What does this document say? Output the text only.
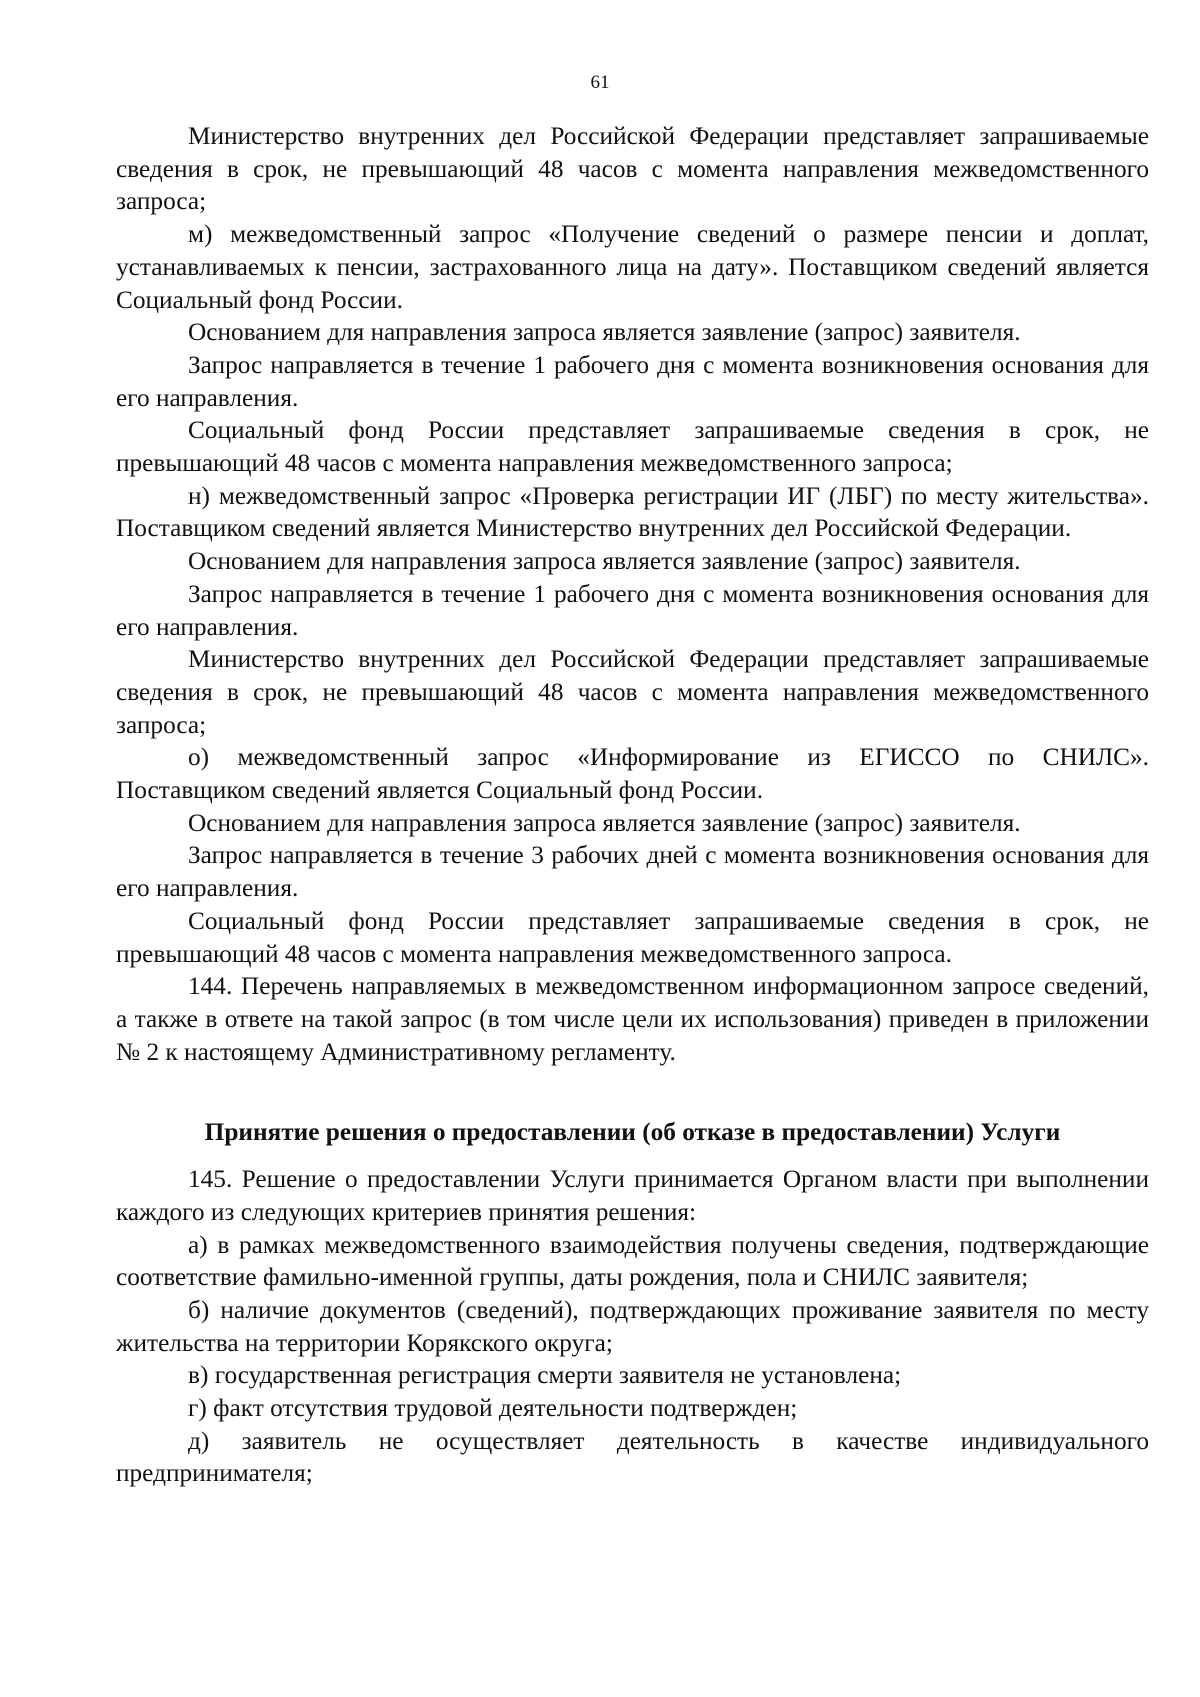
61

Министерство внутренних дел Российской Федерации представляет запрашиваемые сведения в срок, не превышающий 48 часов с момента направления межведомственного запроса;

м) межведомственный запрос «Получение сведений о размере пенсии и доплат, устанавливаемых к пенсии, застрахованного лица на дату». Поставщиком сведений является Социальный фонд России.

Основанием для направления запроса является заявление (запрос) заявителя.

Запрос направляется в течение 1 рабочего дня с момента возникновения основания для его направления.

Социальный фонд России представляет запрашиваемые сведения в срок, не превышающий 48 часов с момента направления межведомственного запроса;

н) межведомственный запрос «Проверка регистрации ИГ (ЛБГ) по месту жительства». Поставщиком сведений является Министерство внутренних дел Российской Федерации.

Основанием для направления запроса является заявление (запрос) заявителя.

Запрос направляется в течение 1 рабочего дня с момента возникновения основания для его направления.

Министерство внутренних дел Российской Федерации представляет запрашиваемые сведения в срок, не превышающий 48 часов с момента направления межведомственного запроса;

о) межведомственный запрос «Информирование из ЕГИССО по СНИЛС». Поставщиком сведений является Социальный фонд России.

Основанием для направления запроса является заявление (запрос) заявителя.

Запрос направляется в течение 3 рабочих дней с момента возникновения основания для его направления.

Социальный фонд России представляет запрашиваемые сведения в срок, не превышающий 48 часов с момента направления межведомственного запроса.

144. Перечень направляемых в межведомственном информационном запросе сведений, а также в ответе на такой запрос (в том числе цели их использования) приведен в приложении № 2 к настоящему Административному регламенту.

Принятие решения о предоставлении (об отказе в предоставлении) Услуги

145. Решение о предоставлении Услуги принимается Органом власти при выполнении каждого из следующих критериев принятия решения:

а) в рамках межведомственного взаимодействия получены сведения, подтверждающие соответствие фамильно-именной группы, даты рождения, пола и СНИЛС заявителя;

б) наличие документов (сведений), подтверждающих проживание заявителя по месту жительства на территории Корякского округа;

в) государственная регистрация смерти заявителя не установлена;

г) факт отсутствия трудовой деятельности подтвержден;

д) заявитель не осуществляет деятельность в качестве индивидуального предпринимателя;
